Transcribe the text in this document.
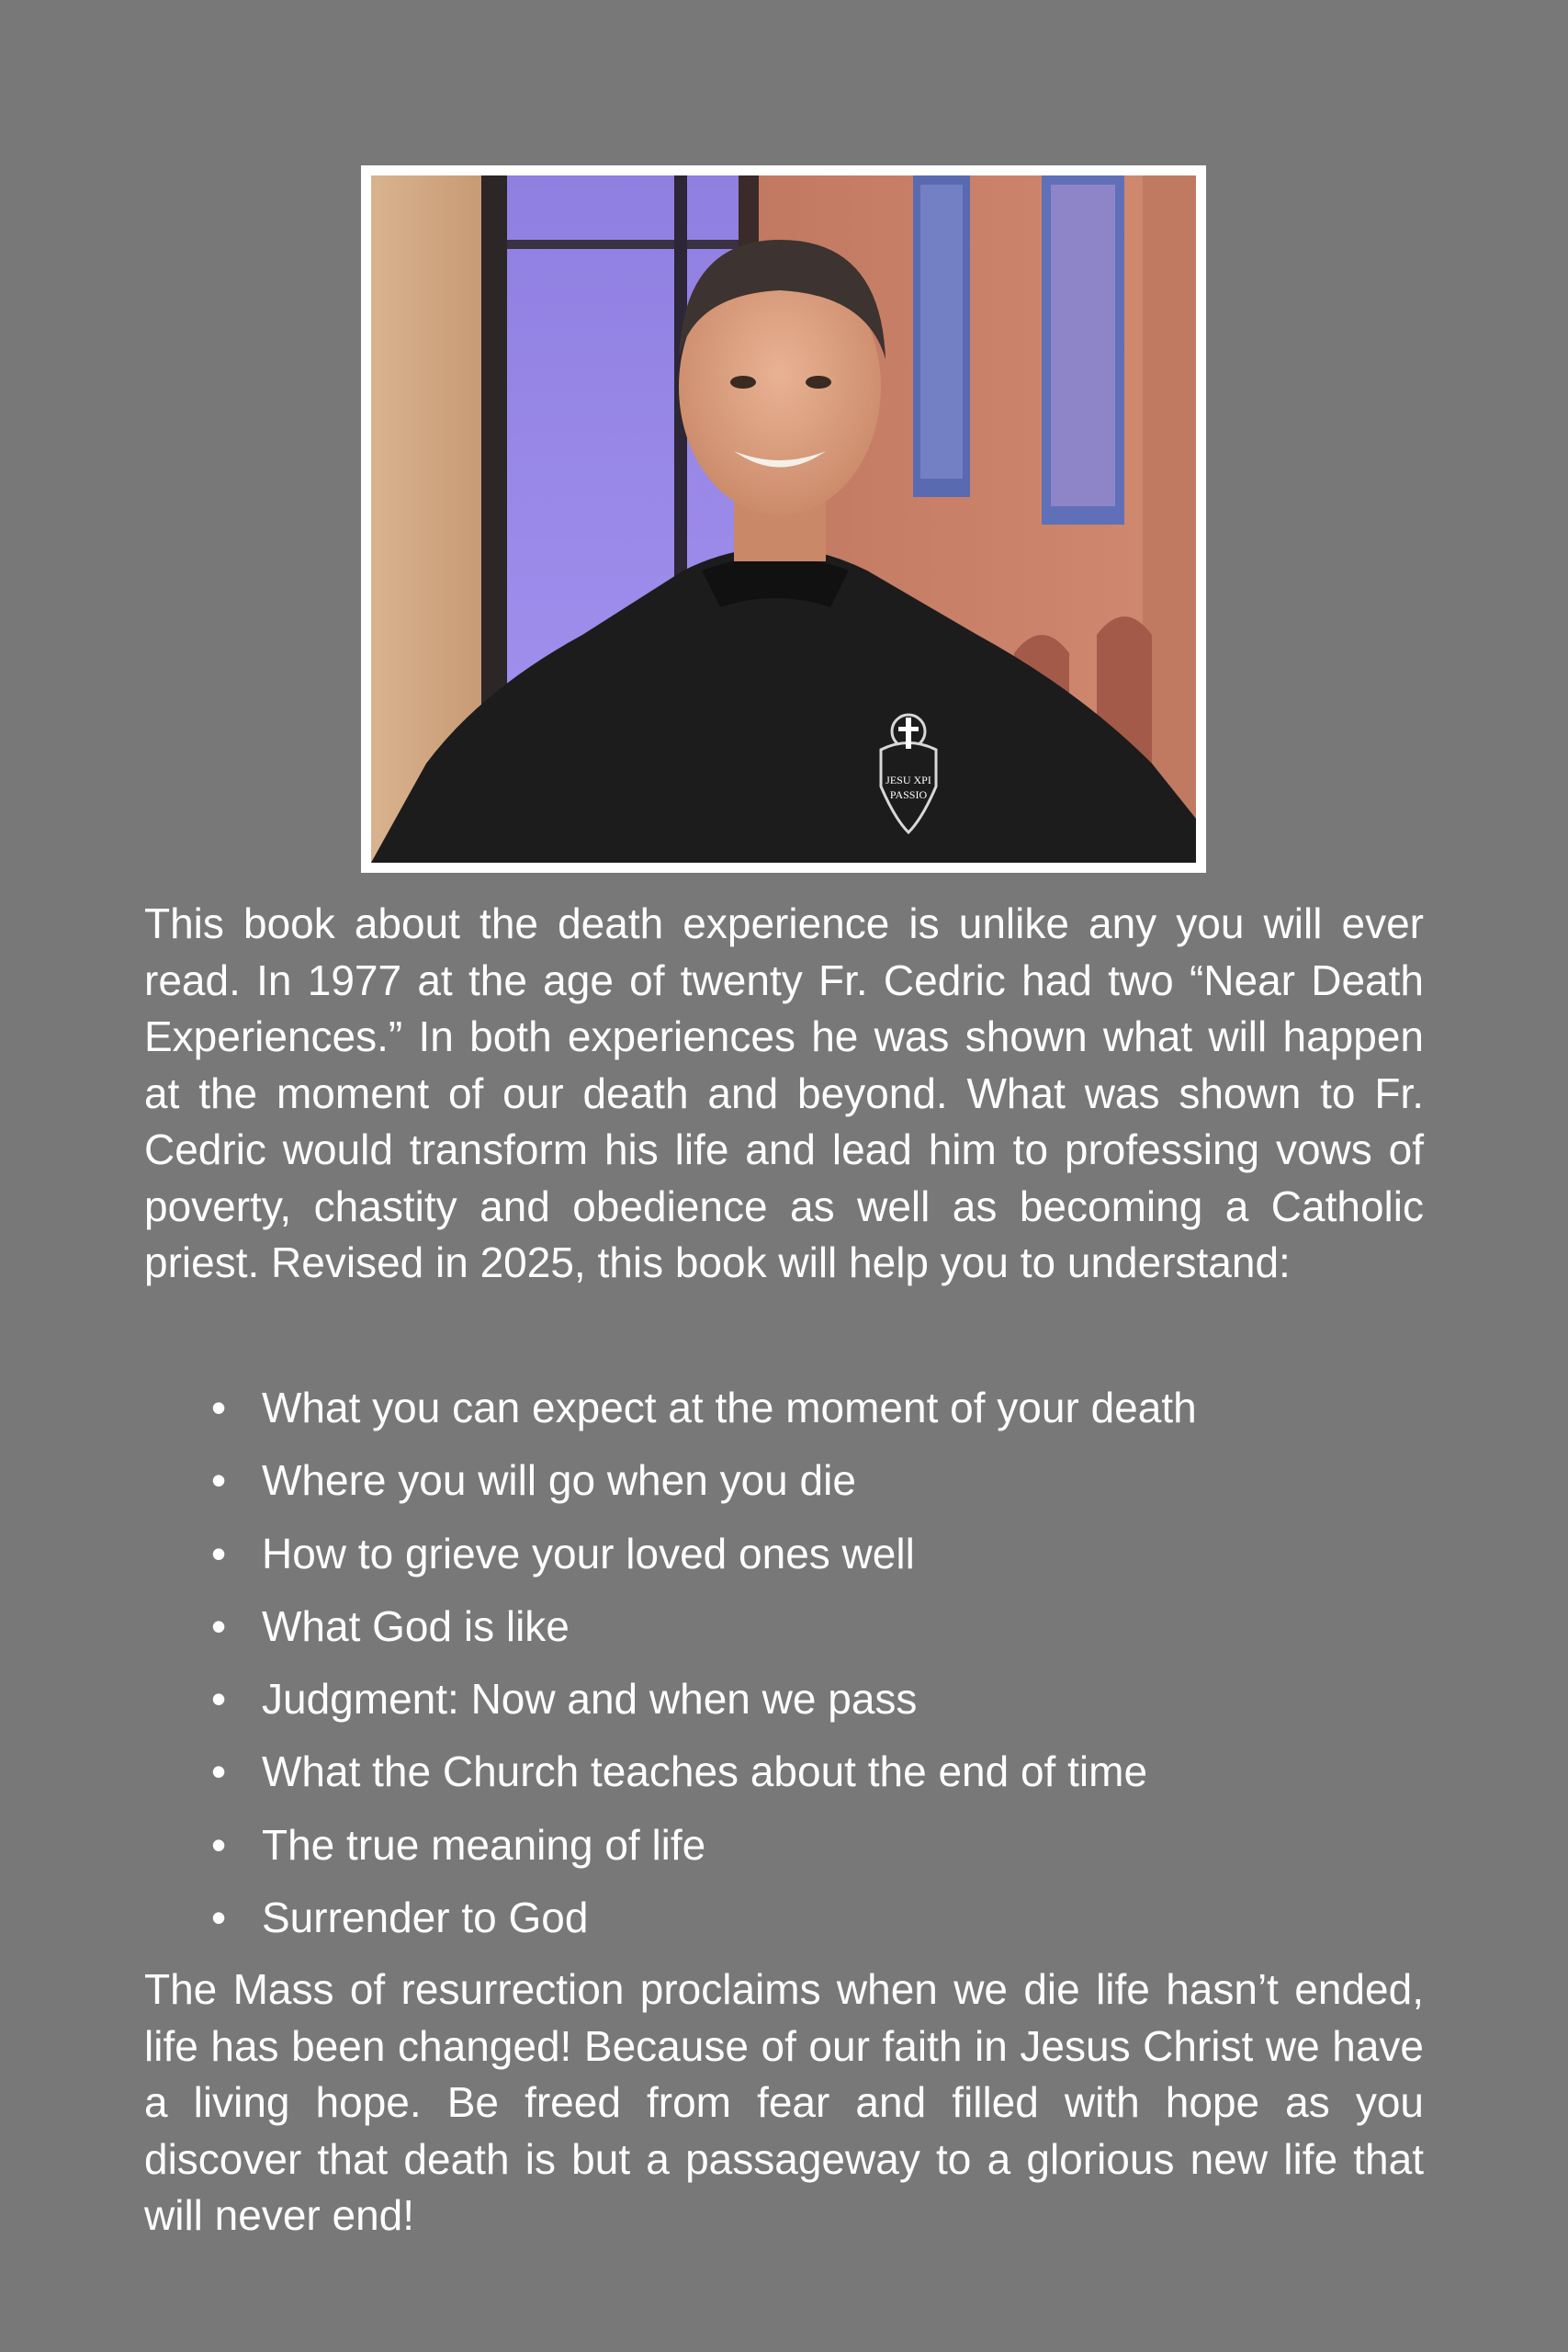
JESU XPI
PASSIO

This book about the death experience is unlike any you will ever read. In 1977 at the age of twenty Fr. Cedric had two “Near Death Experiences.” In both experiences he was shown what will happen at the moment of our death and beyond. What was shown to Fr. Cedric would transform his life and lead him to professing vows of poverty, chastity and obedience as well as becoming a Catholic priest. Revised in 2025, this book will help you to understand:

• What you can expect at the moment of your death
• Where you will go when you die
• How to grieve your loved ones well
• What God is like
• Judgment: Now and when we pass
• What the Church teaches about the end of time
• The true meaning of life
• Surrender to God

The Mass of resurrection proclaims when we die life hasn’t ended, life has been changed! Because of our faith in Jesus Christ we have a living hope. Be freed from fear and filled with hope as you discover that death is but a passageway to a glorious new life that will never end!
